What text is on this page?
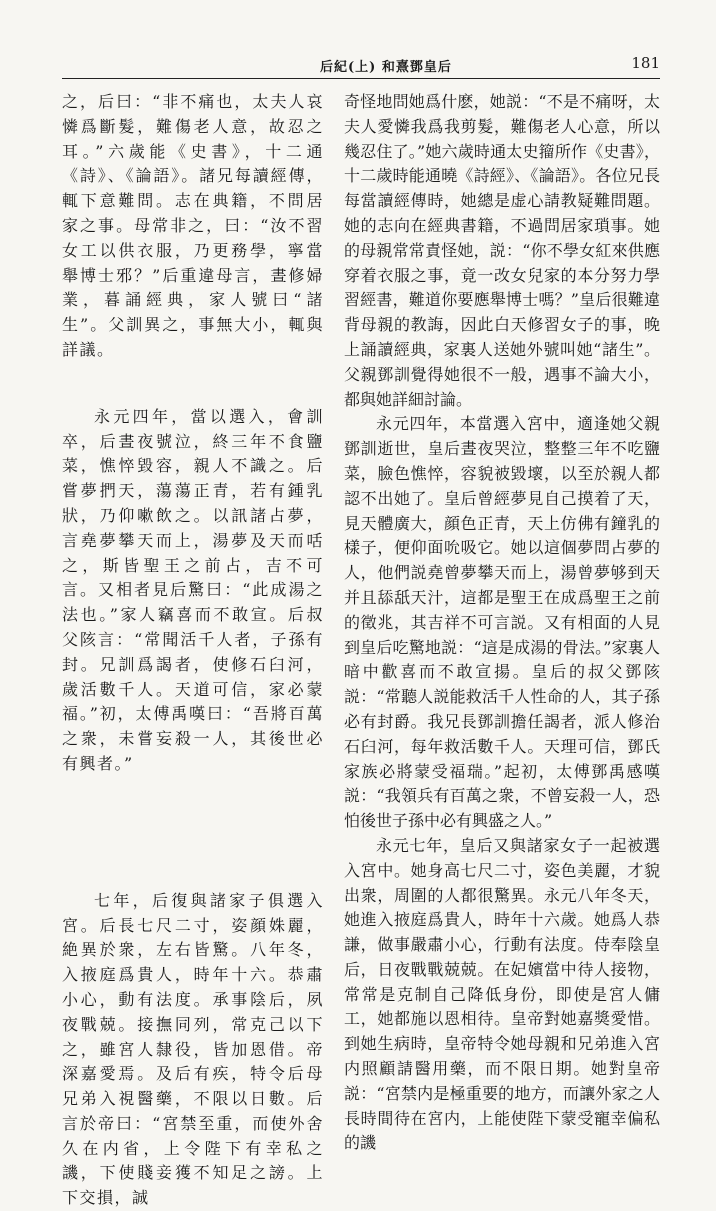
后紀(上) 和熹鄧皇后	181

之，后曰：“非不痛也，太夫人哀憐爲斷髮，難傷老人意，故忍之耳。”六歲能《史書》，十二通《詩》、《論語》。諸兄每讀經傳，輒下意難問。志在典籍，不問居家之事。母常非之，曰：“汝不習女工以供衣服，乃更務學，寧當舉博士邪？”后重違母言，晝修婦業，暮誦經典，家人號曰“諸生”。父訓異之，事無大小，輒與詳議。

永元四年，當以選入，會訓卒，后晝夜號泣，終三年不食鹽菜，憔悴毀容，親人不識之。后嘗夢捫天，蕩蕩正青，若有鍾乳狀，乃仰嗽飲之。以訊諸占夢，言堯夢攀天而上，湯夢及天而咶之，斯皆聖王之前占，吉不可言。又相者見后驚曰：“此成湯之法也。”家人竊喜而不敢宣。后叔父陔言：“常聞活千人者，子孫有封。兄訓爲謁者，使修石臼河，歲活數千人。天道可信，家必蒙福。”初，太傅禹嘆曰：“吾將百萬之衆，未嘗妄殺一人，其後世必有興者。”

七年，后復與諸家子俱選入宮。后長七尺二寸，姿顔姝麗，絶異於衆，左右皆驚。八年冬，入掖庭爲貴人，時年十六。恭肅小心，動有法度。承事陰后，夙夜戰兢。接撫同列，常克己以下之，雖宮人隸役，皆加恩借。帝深嘉愛焉。及后有疾，特令后母兄弟入視醫藥，不限以日數。后言於帝曰：“宮禁至重，而使外舍久在内省，上令陛下有幸私之譏，下使賤妾獲不知足之謗。上下交損，誠

奇怪地問她爲什麽，她説：“不是不痛呀，太夫人愛憐我爲我剪髮，難傷老人心意，所以幾忍住了。”她六歲時通太史籀所作《史書》，十二歲時能通曉《詩經》、《論語》。各位兄長每當讀經傳時，她總是虚心請教疑難問題。她的志向在經典書籍，不過問居家瑣事。她的母親常常責怪她，説：“你不學女紅來供應穿着衣服之事，竟一改女兒家的本分努力學習經書，難道你要應舉博士嗎？”皇后很難違背母親的教誨，因此白天修習女子的事，晚上誦讀經典，家裏人送她外號叫她“諸生”。父親鄧訓覺得她很不一般，遇事不論大小，都與她詳細討論。

永元四年，本當選入宮中，適逢她父親鄧訓逝世，皇后晝夜哭泣，整整三年不吃鹽菜，臉色憔悴，容貌被毀壞，以至於親人都認不出她了。皇后曾經夢見自己摸着了天，見天體廣大，顔色正青，天上仿佛有鐘乳的樣子，便仰面吮吸它。她以這個夢問占夢的人，他們説堯曾夢攀天而上，湯曾夢够到天并且舔舐天汁，這都是聖王在成爲聖王之前的徵兆，其吉祥不可言説。又有相面的人見到皇后吃驚地説：“這是成湯的骨法。”家裏人暗中歡喜而不敢宣揚。皇后的叔父鄧陔説：“常聽人説能救活千人性命的人，其子孫必有封爵。我兄長鄧訓擔任謁者，派人修治石臼河，每年救活數千人。天理可信，鄧氏家族必將蒙受福瑞。”起初，太傅鄧禹感嘆説：“我領兵有百萬之衆，不曾妄殺一人，恐怕後世子孫中必有興盛之人。”

永元七年，皇后又與諸家女子一起被選入宮中。她身高七尺二寸，姿色美麗，才貌出衆，周圍的人都很驚異。永元八年冬天，她進入掖庭爲貴人，時年十六歲。她爲人恭謙，做事嚴肅小心，行動有法度。侍奉陰皇后，日夜戰戰兢兢。在妃嬪當中待人接物，常常是克制自己降低身份，即使是宮人傭工，她都施以恩相待。皇帝對她嘉獎愛惜。到她生病時，皇帝特令她母親和兄弟進入宮内照顧請醫用藥，而不限日期。她對皇帝説：“宮禁内是極重要的地方，而讓外家之人長時間待在宮内，上能使陛下蒙受寵幸偏私的譏
